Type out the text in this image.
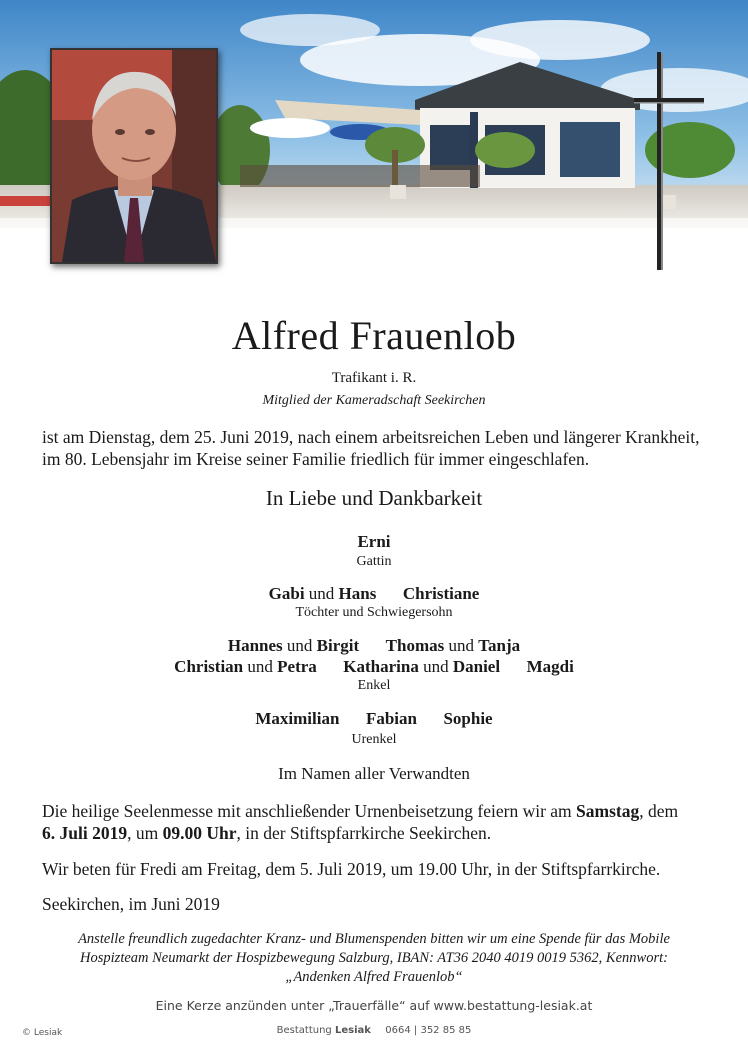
Alfred Frauenlob
Trafikant i. R.
Mitglied der Kameradschaft Seekirchen
ist am Dienstag, dem 25. Juni 2019, nach einem arbeitsreichen Leben und längerer Krankheit,
im 80. Lebensjahr im Kreise seiner Familie friedlich für immer eingeschlafen.
In Liebe und Dankbarkeit
Erni
Gattin
Gabi und Hans Christiane
Töchter und Schwiegersohn
Hannes und Birgit Thomas und Tanja
Christian und Petra Katharina und Daniel Magdi
Enkel
Maximilian Fabian Sophie
Urenkel
Im Namen aller Verwandten
Die heilige Seelenmesse mit anschließender Urnenbeisetzung feiern wir am Samstag, dem
6. Juli 2019, um 09.00 Uhr, in der Stiftspfarrkirche Seekirchen.
Wir beten für Fredi am Freitag, dem 5. Juli 2019, um 19.00 Uhr, in der Stiftspfarrkirche.
Seekirchen, im Juni 2019
Anstelle freundlich zugedachter Kranz- und Blumenspenden bitten wir um eine Spende für das Mobile
Hospizteam Neumarkt der Hospizbewegung Salzburg, IBAN: AT36 2040 4019 0019 5362, Kennwort:
„Andenken Alfred Frauenlob“
Eine Kerze anzünden unter „Trauerfälle“ auf www.bestattung-lesiak.at
© Lesiak	Bestattung Lesiak 0664 | 352 85 85
